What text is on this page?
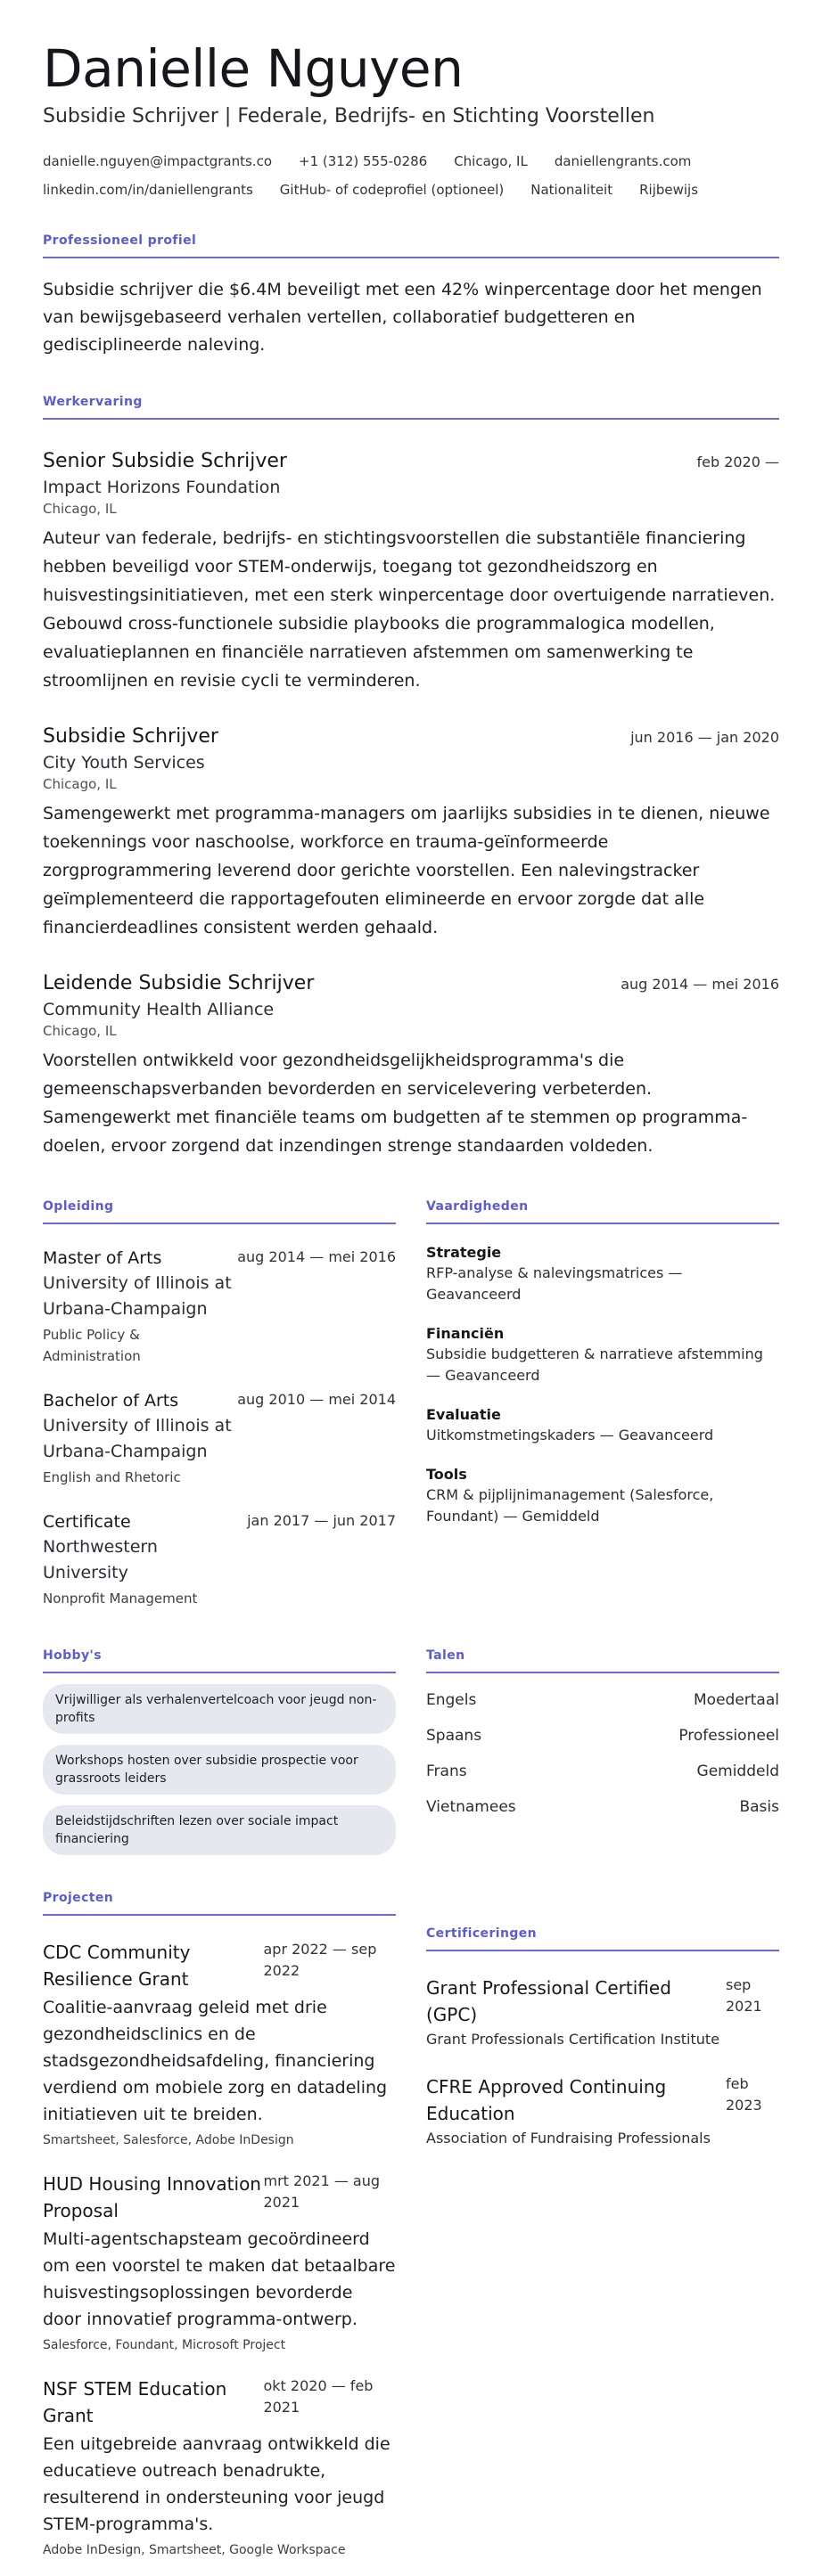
Danielle Nguyen
Subsidie Schrijver | Federale, Bedrijfs- en Stichting Voorstellen
danielle.nguyen@impactgrants.co +1 (312) 555-0286 Chicago, IL daniellengrants.com
linkedin.com/in/daniellengrants GitHub- of codeprofiel (optioneel) Nationaliteit Rijbewijs
Professioneel profiel

Subsidie schrijver die $6.4M beveiligt met een 42% winpercentage door het mengen van bewijsgebaseerd verhalen vertellen, collaboratief budgetteren en gedisciplineerde naleving.

Werkervaring
Senior Subsidie Schrijver	feb 2020 —
Impact Horizons Foundation
Chicago, IL

Auteur van federale, bedrijfs- en stichtingsvoorstellen die substantiële financiering hebben beveiligd voor STEM-onderwijs, toegang tot gezondheidszorg en huisvestingsinitiatieven, met een sterk winpercentage door overtuigende narratieven. Gebouwd cross-functionele subsidie playbooks die programmalogica modellen, evaluatieplannen en financiële narratieven afstemmen om samenwerking te stroomlijnen en revisie cycli te verminderen.

Subsidie Schrijver	jun 2016 — jan 2020
City Youth Services
Chicago, IL

Samengewerkt met programma-managers om jaarlijks subsidies in te dienen, nieuwe toekennings voor naschoolse, workforce en trauma-geïnformeerde zorgprogrammering leverend door gerichte voorstellen. Een nalevingstracker geïmplementeerd die rapportagefouten elimineerde en ervoor zorgde dat alle financierdeadlines consistent werden gehaald.

Leidende Subsidie Schrijver	aug 2014 — mei 2016
Community Health Alliance
Chicago, IL

Voorstellen ontwikkeld voor gezondheidsgelijkheidsprogramma's die gemeenschapsverbanden bevorderden en servicelevering verbeterden. Samengewerkt met financiële teams om budgetten af te stemmen op programma-doelen, ervoor zorgend dat inzendingen strenge standaarden voldeden.

Opleiding
Master of Arts	aug 2014 — mei 2016
University of Illinois at Urbana-Champaign
Public Policy & Administration
Bachelor of Arts	aug 2010 — mei 2014
University of Illinois at Urbana-Champaign
English and Rhetoric
Certificate	jan 2017 — jun 2017
Northwestern University
Nonprofit Management
Vaardigheden
Strategie
RFP-analyse & nalevingsmatrices — Geavanceerd
Financiën
Subsidie budgetteren & narratieve afstemming — Geavanceerd
Evaluatie
Uitkomstmetingskaders — Geavanceerd
Tools
CRM & pijplijnimanagement (Salesforce, Foundant) — Gemiddeld
Hobby's
Vrijwilliger als verhalenvertelcoach voor jeugd non-profits
Workshops hosten over subsidie prospectie voor grassroots leiders
Beleidstijdschriften lezen over sociale impact financiering
Talen
Engels	Moedertaal
Spaans	Professioneel
Frans	Gemiddeld
Vietnamees	Basis
Projecten
CDC Community Resilience Grant
apr 2022 — sep 2022

Coalitie-aanvraag geleid met drie gezondheidsclinics en de stadsgezondheidsafdeling, financiering verdiend om mobiele zorg en datadeling initiatieven uit te breiden.

Smartsheet, Salesforce, Adobe InDesign
HUD Housing Innovation Proposal
mrt 2021 — aug 2021

Multi-agentschapsteam gecoördineerd om een voorstel te maken dat betaalbare huisvestingsoplossingen bevorderde door innovatief programma-ontwerp.

Salesforce, Foundant, Microsoft Project
NSF STEM Education Grant
okt 2020 — feb 2021

Een uitgebreide aanvraag ontwikkeld die educatieve outreach benadrukte, resulterend in ondersteuning voor jeugd STEM-programma's.

Adobe InDesign, Smartsheet, Google Workspace
Certificeringen
Grant Professional Certified (GPC)
sep 2021
Grant Professionals Certification Institute
CFRE Approved Continuing Education
feb 2023
Association of Fundraising Professionals
